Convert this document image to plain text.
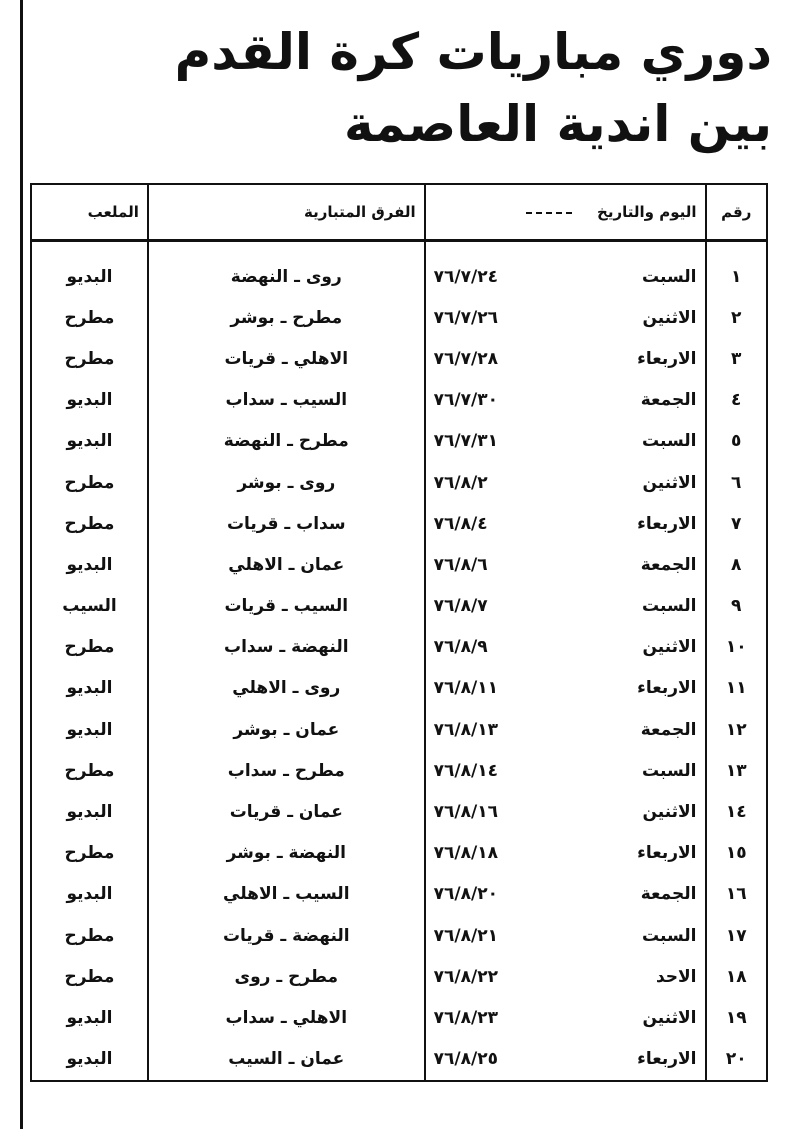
دوري مباريات كرة القدم
بين اندية العاصمة
رقم	اليوم والتاريخ		الفرق المتبارية	الملعب

١	السبت	٧٦/٧/٢٤	روى ـ النهضة	البديو
٢	الاثنين	٧٦/٧/٢٦	مطرح ـ بوشر	مطرح
٣	الاربعاء	٧٦/٧/٢٨	الاهلي ـ قريات	مطرح
٤	الجمعة	٧٦/٧/٣٠	السيب ـ سداب	البديو
٥	السبت	٧٦/٧/٣١	مطرح ـ النهضة	البديو
٦	الاثنين	٧٦/٨/٢	روى ـ بوشر	مطرح
٧	الاربعاء	٧٦/٨/٤	سداب ـ قريات	مطرح
٨	الجمعة	٧٦/٨/٦	عمان ـ الاهلي	البديو
٩	السبت	٧٦/٨/٧	السيب ـ قريات	السيب
١٠	الاثنين	٧٦/٨/٩	النهضة ـ سداب	مطرح
١١	الاربعاء	٧٦/٨/١١	روى ـ الاهلي	البديو
١٢	الجمعة	٧٦/٨/١٣	عمان ـ بوشر	البديو
١٣	السبت	٧٦/٨/١٤	مطرح ـ سداب	مطرح
١٤	الاثنين	٧٦/٨/١٦	عمان ـ قريات	البديو
١٥	الاربعاء	٧٦/٨/١٨	النهضة ـ بوشر	مطرح
١٦	الجمعة	٧٦/٨/٢٠	السيب ـ الاهلي	البديو
١٧	السبت	٧٦/٨/٢١	النهضة ـ قريات	مطرح
١٨	الاحد	٧٦/٨/٢٢	مطرح ـ روى	مطرح
١٩	الاثنين	٧٦/٨/٢٣	الاهلي ـ سداب	البديو
٢٠	الاربعاء	٧٦/٨/٢٥	عمان ـ السيب	البديو
